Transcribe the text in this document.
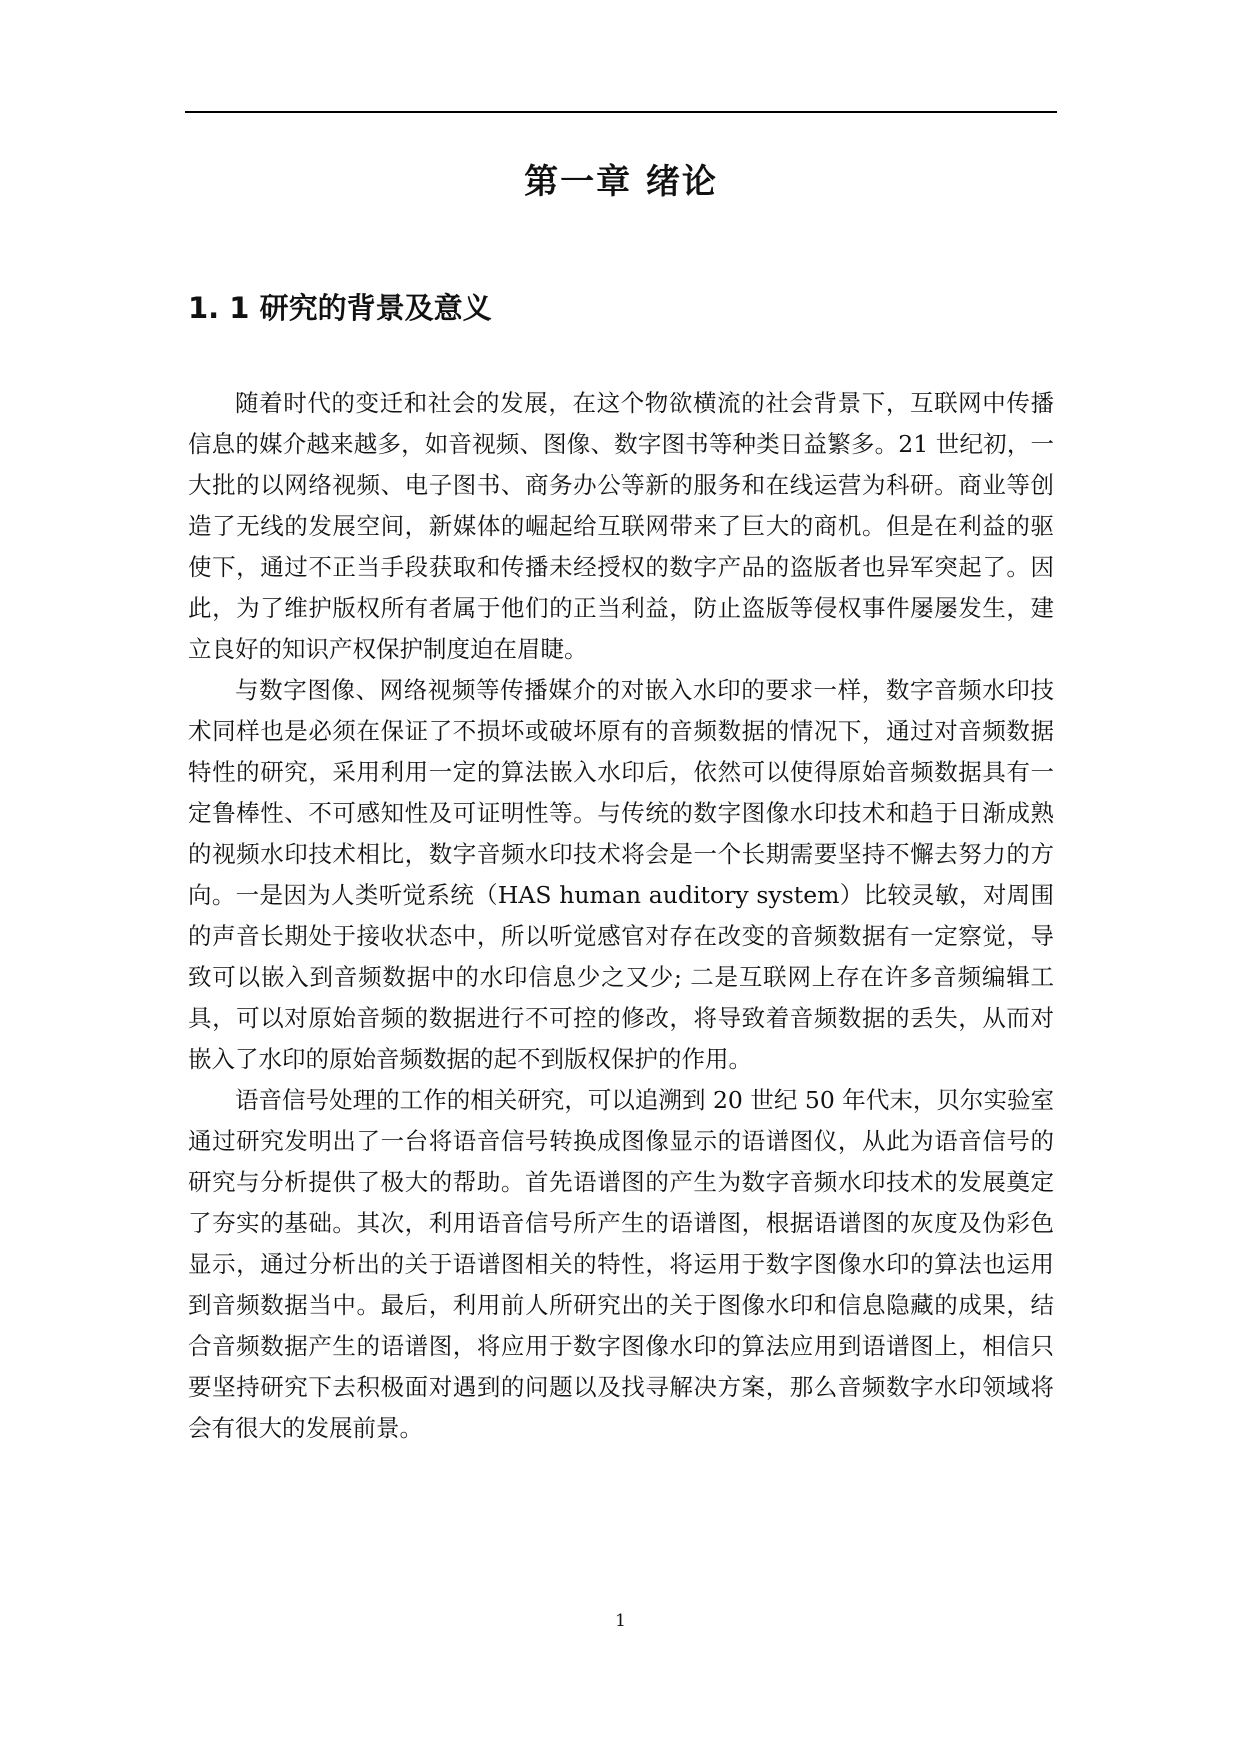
第一章 绪论
1. 1 研究的背景及意义

随着时代的变迁和社会的发展，在这个物欲横流的社会背景下，互联网中传播信息的媒介越来越多，如音视频、图像、数字图书等种类日益繁多。21 世纪初，一大批的以网络视频、电子图书、商务办公等新的服务和在线运营为科研。商业等创造了无线的发展空间，新媒体的崛起给互联网带来了巨大的商机。但是在利益的驱使下，通过不正当手段获取和传播未经授权的数字产品的盗版者也异军突起了。因此，为了维护版权所有者属于他们的正当利益，防止盗版等侵权事件屡屡发生，建立良好的知识产权保护制度迫在眉睫。

与数字图像、网络视频等传播媒介的对嵌入水印的要求一样，数字音频水印技术同样也是必须在保证了不损坏或破坏原有的音频数据的情况下，通过对音频数据特性的研究，采用利用一定的算法嵌入水印后，依然可以使得原始音频数据具有一定鲁棒性、不可感知性及可证明性等。与传统的数字图像水印技术和趋于日渐成熟的视频水印技术相比，数字音频水印技术将会是一个长期需要坚持不懈去努力的方向。一是因为人类听觉系统（HAS human auditory system）比较灵敏，对周围的声音长期处于接收状态中，所以听觉感官对存在改变的音频数据有一定察觉，导致可以嵌入到音频数据中的水印信息少之又少; 二是互联网上存在许多音频编辑工具，可以对原始音频的数据进行不可控的修改，将导致着音频数据的丢失，从而对嵌入了水印的原始音频数据的起不到版权保护的作用。

语音信号处理的工作的相关研究，可以追溯到 20 世纪 50 年代末，贝尔实验室通过研究发明出了一台将语音信号转换成图像显示的语谱图仪，从此为语音信号的研究与分析提供了极大的帮助。首先语谱图的产生为数字音频水印技术的发展奠定了夯实的基础。其次，利用语音信号所产生的语谱图，根据语谱图的灰度及伪彩色显示，通过分析出的关于语谱图相关的特性，将运用于数字图像水印的算法也运用到音频数据当中。最后，利用前人所研究出的关于图像水印和信息隐藏的成果，结合音频数据产生的语谱图，将应用于数字图像水印的算法应用到语谱图上，相信只要坚持研究下去积极面对遇到的问题以及找寻解决方案，那么音频数字水印领域将会有很大的发展前景。

1
